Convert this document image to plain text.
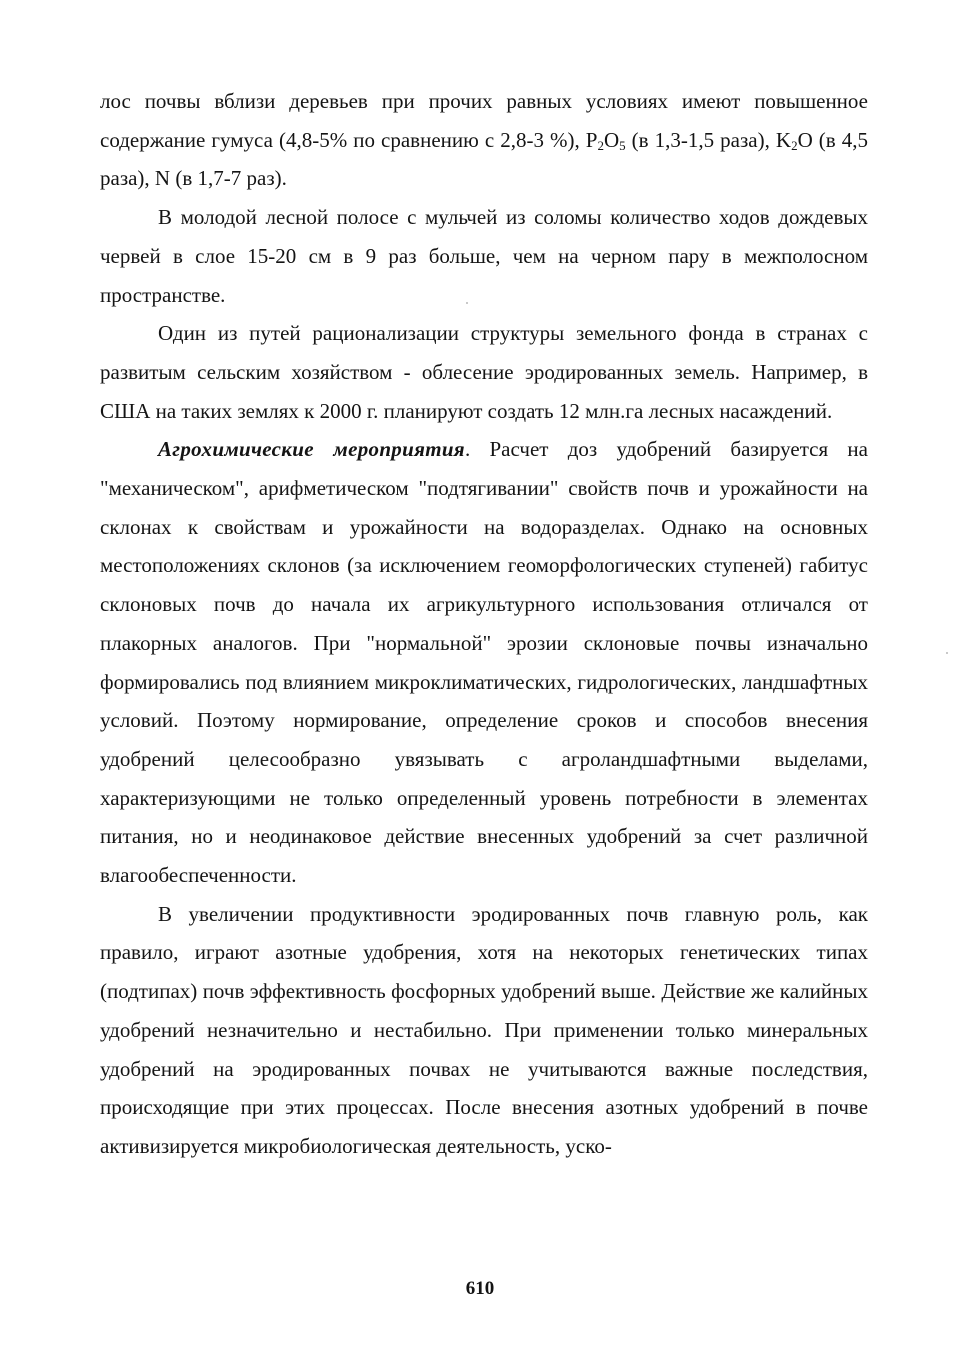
лос почвы вблизи деревьев при прочих равных условиях имеют повышенное содержание гумуса (4,8-5% по сравнению с 2,8-3 %), $P_2O_5$ (в 1,3-1,5 раза), $K_2O$ (в 4,5 раза), N (в 1,7-7 раз).

В молодой лесной полосе с мульчей из соломы количество ходов дождевых червей в слое 15-20 см в 9 раз больше, чем на черном пару в межполосном пространстве.

Один из путей рационализации структуры земельного фонда в странах с развитым сельским хозяйством - облесение эродированных земель. Например, в США на таких землях к 2000 г. планируют создать 12 млн.га лесных насаждений.

Агрохимические мероприятия. Расчет доз удобрений базируется на "механическом", арифметическом "подтягивании" свойств почв и урожайности на склонах к свойствам и урожайности на водоразделах. Однако на основных местоположениях склонов (за исключением геоморфологических ступеней) габитус склоновых почв до начала их агрикультурного использования отличался от плакорных аналогов. При "нормальной" эрозии склоновые почвы изначально формировались под влиянием микроклиматических, гидрологических, ландшафтных условий. Поэтому нормирование, определение сроков и способов внесения удобрений целесообразно увязывать с агроландшафтными выделами, характеризующими не только определенный уровень потребности в элементах питания, но и неодинаковое действие внесенных удобрений за счет различной влагообеспеченности.

В увеличении продуктивности эродированных почв главную роль, как правило, играют азотные удобрения, хотя на некоторых генетических типах (подтипах) почв эффективность фосфорных удобрений выше. Действие же калийных удобрений незначительно и нестабильно. При применении только минеральных удобрений на эродированных почвах не учитываются важные последствия, происходящие при этих процессах. После внесения азотных удобрений в почве активизируется микробиологическая деятельность, уско-

610
